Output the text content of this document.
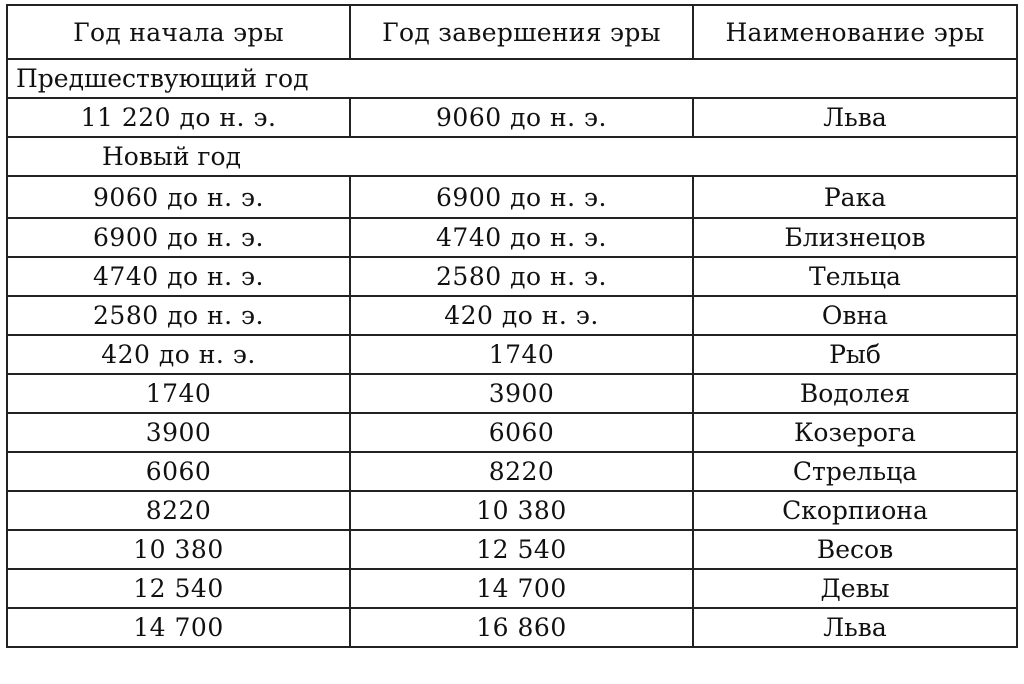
Год начала эры	Год завершения эры	Наименование эры
Предшествующий год		
11 220 до н. э.	9060 до н. э.	Льва
Новый год		
9060 до н. э.	6900 до н. э.	Рака
6900 до н. э.	4740 до н. э.	Близнецов
4740 до н. э.	2580 до н. э.	Тельца
2580 до н. э.	420 до н. э.	Овна
420 до н. э.	1740	Рыб
1740	3900	Водолея
3900	6060	Козерога
6060	8220	Стрельца
8220	10 380	Скорпиона
10 380	12 540	Весов
12 540	14 700	Девы
14 700	16 860	Льва
